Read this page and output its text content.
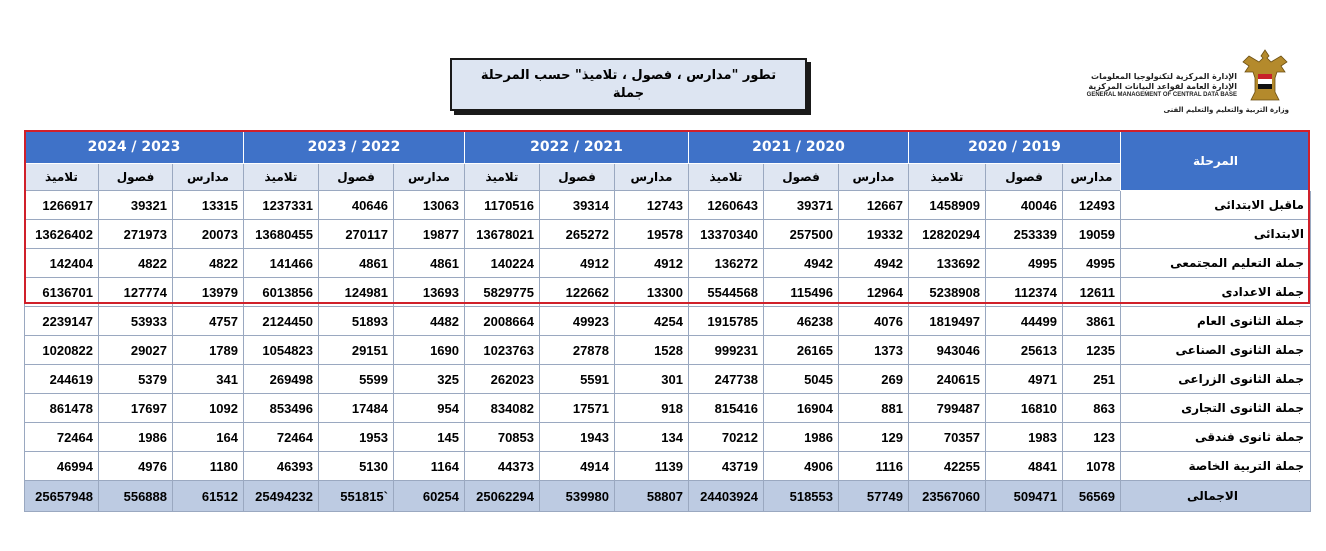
تطور "مدارس ، فصول ، تلاميذ" حسب المرحلة
جملة
الإدارة المركزية لتكنولوجيا المعلومات
الإدارة العامة لقواعد البيانات المركزية
GENERAL MANAGEMENT OF CENTRAL DATA BASE
وزارة التربية والتعليم والتعليم الفنى
2024 / 2023			2023 / 2022			2022 / 2021			2021 / 2020			2020 / 2019			المرحلة
تلاميذ	فصول	مدارس	تلاميذ	فصول	مدارس	تلاميذ	فصول	مدارس	تلاميذ	فصول	مدارس	تلاميذ	فصول	مدارس	
1266917	39321	13315	1237331	40646	13063	1170516	39314	12743	1260643	39371	12667	1458909	40046	12493	ماقبل الابتدائى
13626402	271973	20073	13680455	270117	19877	13678021	265272	19578	13370340	257500	19332	12820294	253339	19059	الابتدائى
142404	4822	4822	141466	4861	4861	140224	4912	4912	136272	4942	4942	133692	4995	4995	جملة التعليم المجتمعى
6136701	127774	13979	6013856	124981	13693	5829775	122662	13300	5544568	115496	12964	5238908	112374	12611	جملة الاعدادى
2239147	53933	4757	2124450	51893	4482	2008664	49923	4254	1915785	46238	4076	1819497	44499	3861	جملة الثانوى العام
1020822	29027	1789	1054823	29151	1690	1023763	27878	1528	999231	26165	1373	943046	25613	1235	جملة الثانوى الصناعى
244619	5379	341	269498	5599	325	262023	5591	301	247738	5045	269	240615	4971	251	جملة الثانوى الزراعى
861478	17697	1092	853496	17484	954	834082	17571	918	815416	16904	881	799487	16810	863	جملة الثانوى التجارى
72464	1986	164	72464	1953	145	70853	1943	134	70212	1986	129	70357	1983	123	جملة ثانوى فندقى
46994	4976	1180	46393	5130	1164	44373	4914	1139	43719	4906	1116	42255	4841	1078	جملة التربية الخاصة
25657948	556888	61512	25494232	551815`	60254	25062294	539980	58807	24403924	518553	57749	23567060	509471	56569	الاجمالى
